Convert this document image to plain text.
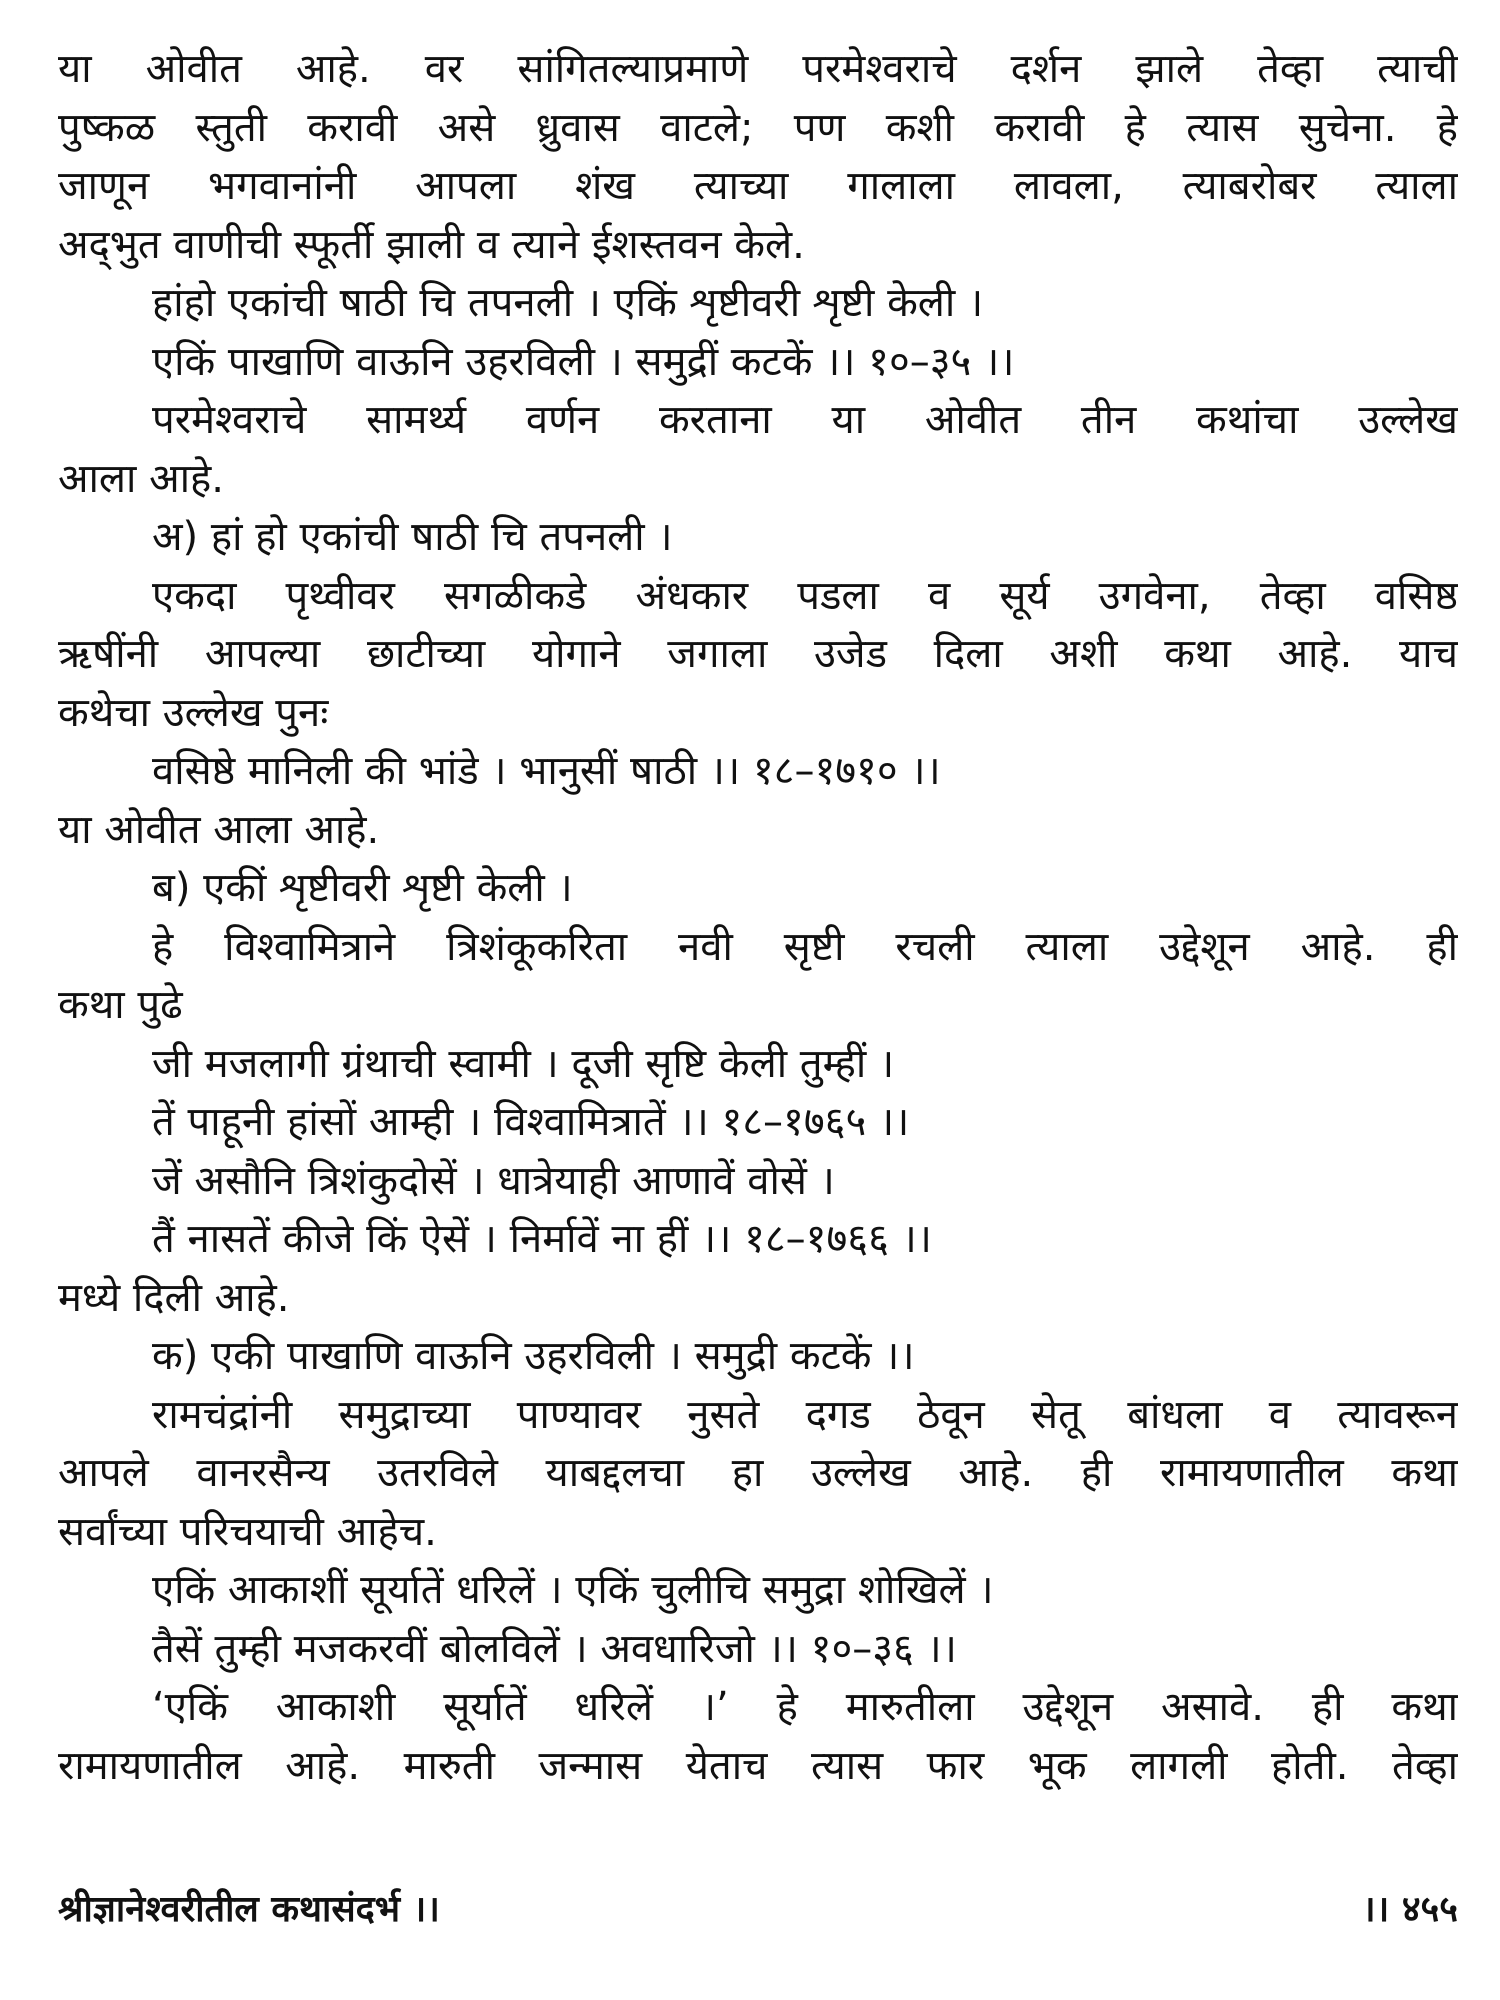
या ओवीत आहे. वर सांगितल्याप्रमाणे परमेश्वराचे दर्शन झाले तेव्हा त्याची
पुष्कळ स्तुती करावी असे ध्रुवास वाटले; पण कशी करावी हे त्यास सुचेना. हे
जाणून भगवानांनी आपला शंख त्याच्या गालाला लावला, त्याबरोबर त्याला
अद्‌भुत वाणीची स्फूर्ती झाली व त्याने ईशस्तवन केले.
हांहो एकांची षाठी चि तपनली । एकिं शृष्टीवरी शृष्टी केली ।
एकिं पाखाणि वाऊनि उहरविली । समुद्रीं कटकें ।। १०–३५ ।।
परमेश्वराचे सामर्थ्य वर्णन करताना या ओवीत तीन कथांचा उल्लेख
आला आहे.
अ) हां हो एकांची षाठी चि तपनली ।
एकदा पृथ्वीवर सगळीकडे अंधकार पडला व सूर्य उगवेना, तेव्हा वसिष्ठ
ऋषींनी आपल्या छाटीच्या योगाने जगाला उजेड दिला अशी कथा आहे. याच
कथेचा उल्लेख पुनः
वसिष्ठे मानिली की भांडे । भानुसीं षाठी ।। १८–१७१० ।।
या ओवीत आला आहे.
ब) एकीं शृष्टीवरी शृष्टी केली ।
हे विश्वामित्राने त्रिशंकूकरिता नवी सृष्टी रचली त्याला उद्देशून आहे. ही
कथा पुढे
जी मजलागी ग्रंथाची स्वामी । दूजी सृष्टि केली तुम्हीं ।
तें पाहूनी हांसों आम्ही । विश्वामित्रातें ।। १८–१७६५ ।।
जें असौनि त्रिशंकुदोसें । धात्रेयाही आणावें वोसें ।
तैं नासतें कीजे किं ऐसें । निर्मावें ना हीं ।। १८–१७६६ ।।
मध्ये दिली आहे.
क) एकी पाखाणि वाऊनि उहरविली । समुद्री कटकें ।।
रामचंद्रांनी समुद्राच्या पाण्यावर नुसते दगड ठेवून सेतू बांधला व त्यावरून
आपले वानरसैन्य उतरविले याबद्दलचा हा उल्लेख आहे. ही रामायणातील कथा
सर्वांच्या परिचयाची आहेच.
एकिं आकाशीं सूर्यातें धरिलें । एकिं चुलीचि समुद्रा शोखिलें ।
तैसें तुम्ही मजकरवीं बोलविलें । अवधारिजो ।। १०–३६ ।।
‘एकिं आकाशी सूर्यातें धरिलें ।’ हे मारुतीला उद्देशून असावे. ही कथा
रामायणातील आहे. मारुती जन्मास येताच त्यास फार भूक लागली होती. तेव्हा
श्रीज्ञानेश्वरीतील कथासंदर्भ ।।	।। ४५५
